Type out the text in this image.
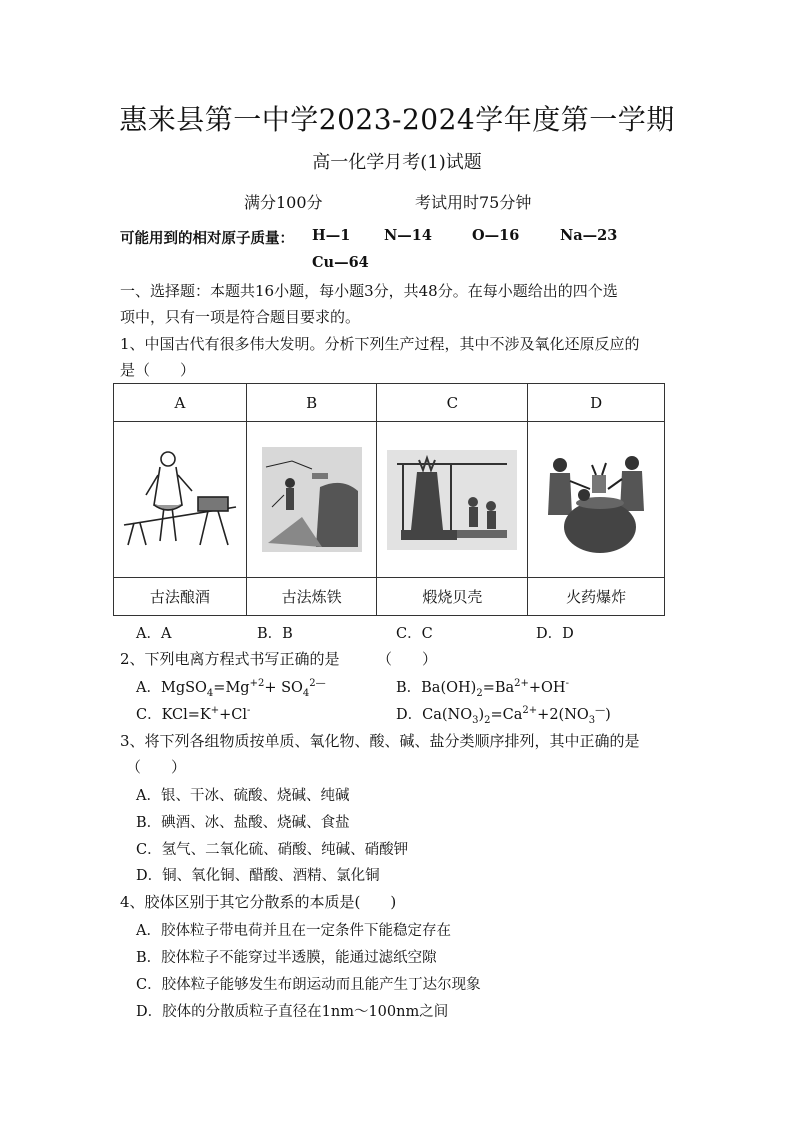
惠来县第一中学2023-2024学年度第一学期
高一化学月考(1)试题
满分100分	考试用时75分钟
可能用到的相对原子质量： H—1 N—14	O—16	Na—23
Cu—64
一、选择题：本题共16小题，每小题3分，共48分。在每小题给出的四个选
项中，只有一项是符合题目要求的。
1、中国古代有很多伟大发明。分析下列生产过程，其中不涉及氧化还原反应的
是（　　）
A	B	C	D

古法酿酒	古法炼铁	煅烧贝壳	火药爆炸
A．A	B．B	C．C	D．D
2、下列电离方程式书写正确的是　　　（　　）
A．$MgSO_4=Mg^{+2}+ SO_4^{2—}$	B．$Ba(OH)_2=Ba^{2+}+OH^-$
C．KCl=K++Cl-	D．$Ca(NO_3)_2=Ca^{2+}+2(NO_3^—)$
3、将下列各组物质按单质、氧化物、酸、碱、盐分类顺序排列，其中正确的是
（　　）
A．银、干冰、硫酸、烧碱、纯碱
B．碘酒、冰、盐酸、烧碱、食盐
C．氢气、二氧化硫、硝酸、纯碱、硝酸钾
D．铜、氧化铜、醋酸、酒精、氯化铜
4、胶体区别于其它分散系的本质是(　　)
A．胶体粒子带电荷并且在一定条件下能稳定存在
B．胶体粒子不能穿过半透膜，能通过滤纸空隙
C．胶体粒子能够发生布朗运动而且能产生丁达尔现象
D．胶体的分散质粒子直径在1nm～100nm之间
